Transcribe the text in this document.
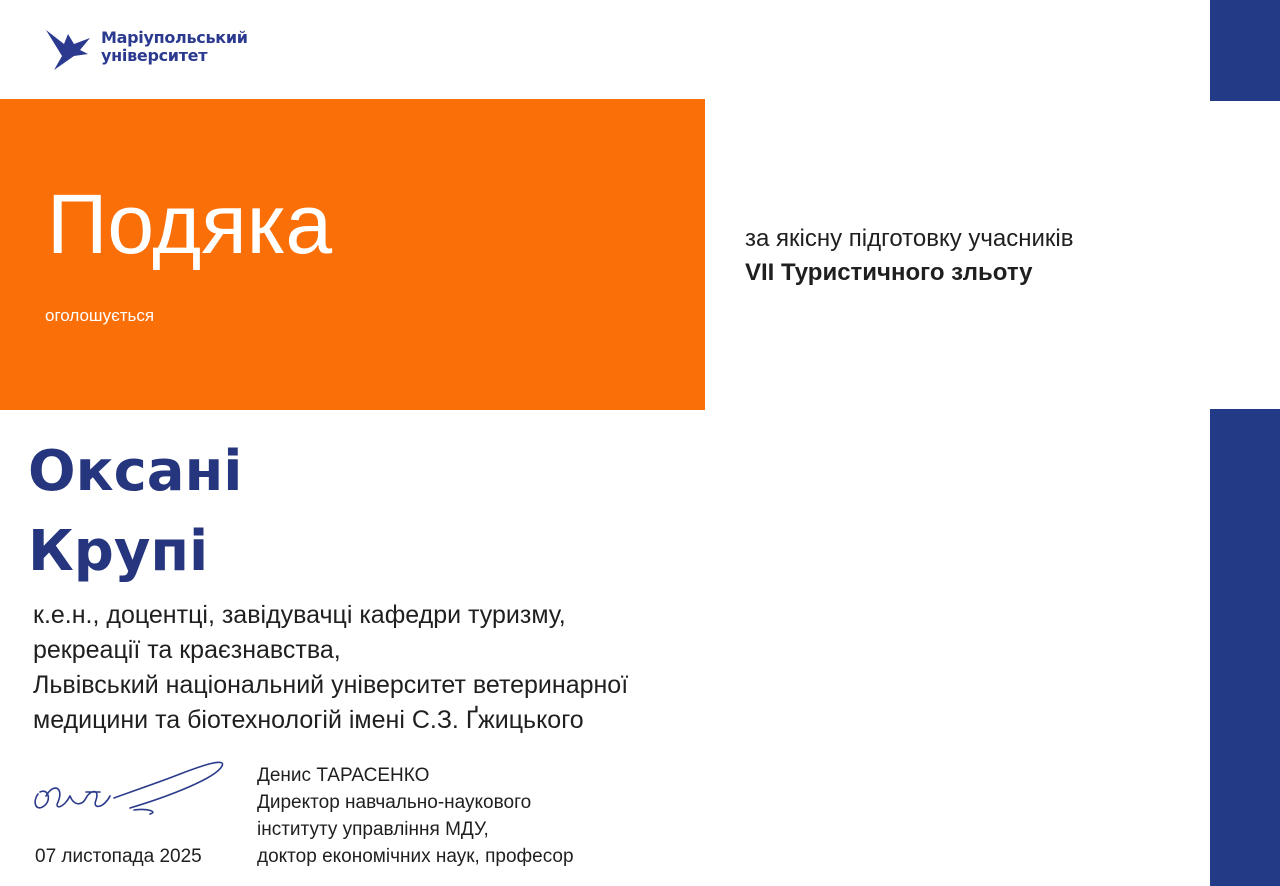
Маріупольський
університет
Подяка
оголошується
за якісну підготовку учасників
VII Туристичного зльоту
Оксані
Крупі
к.е.н., доцентці, завідувачці кафедри туризму,
рекреації та краєзнавства,
Львівський національний університет ветеринарної
медицини та біотехнологій імені С.З. Ґжицького
07 листопада 2025
Денис ТАРАСЕНКО
Директор навчально-наукового
інституту управління МДУ,
доктор економічних наук, професор
